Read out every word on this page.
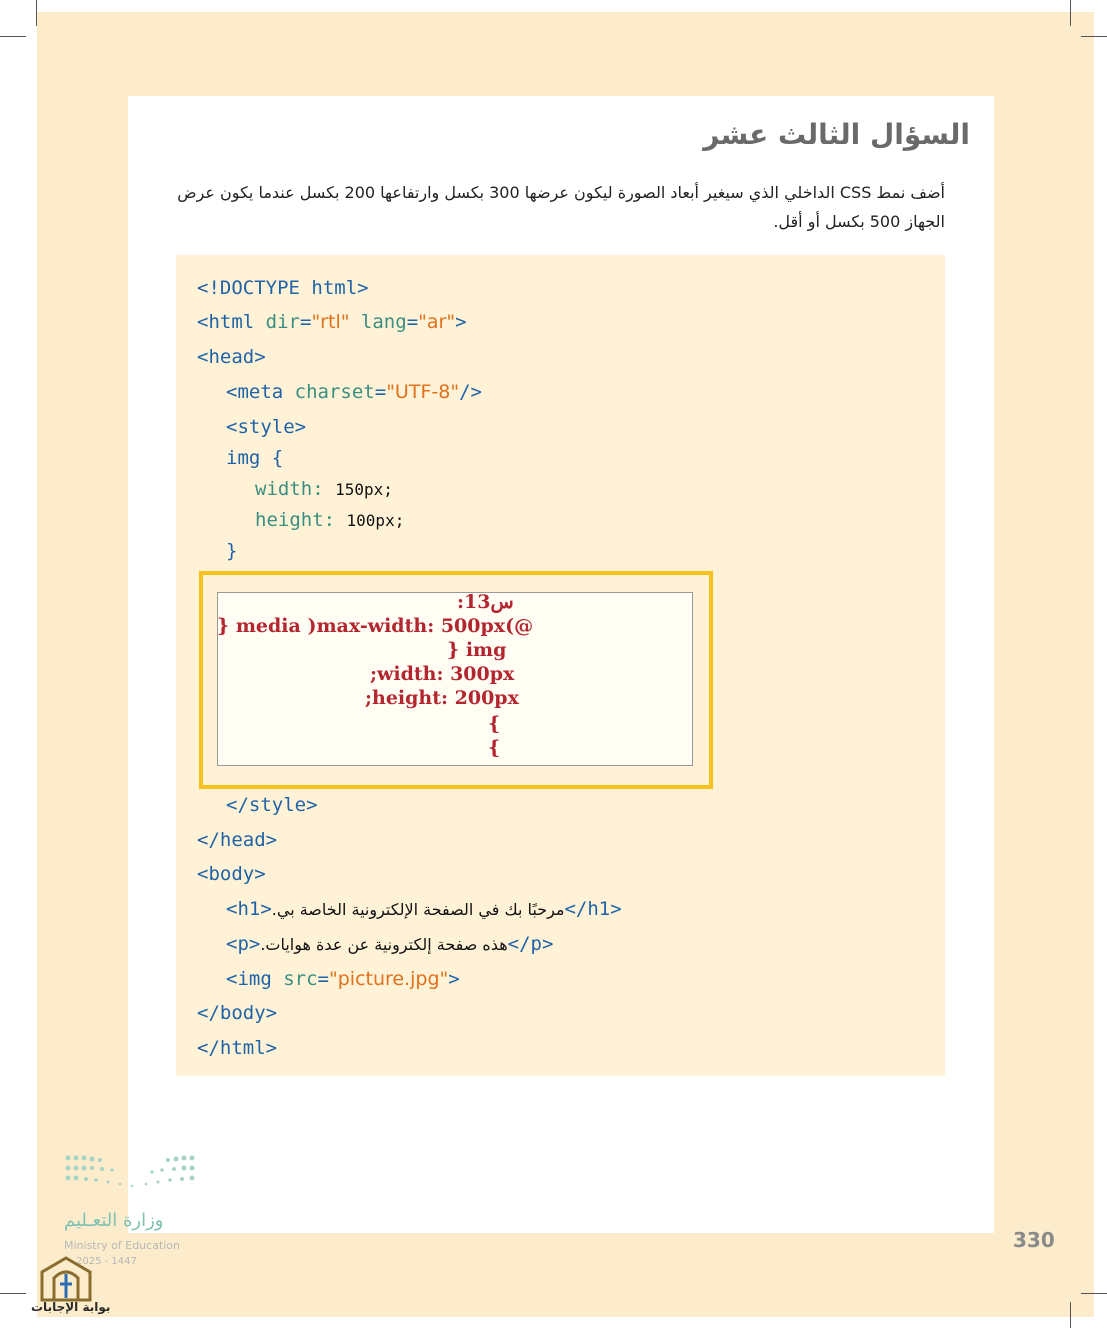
السؤال الثالث عشر
أضف نمط CSS الداخلي الذي سيغير أبعاد الصورة ليكون عرضها 300 بكسل وارتفاعها 200 بكسل عندما يكون عرض الجهاز 500 بكسل أو أقل.
<!DOCTYPE html>
<html dir="rtl" lang="ar">
<head>
<meta charset="UTF-8"/>
<style>
img {
width: 150px;
height: 100px;
}
س13:
} media )max-width: 500px(@
} img
;width: 300px
;height: 200px
{
{
</style>
</head>
<body>
<h1>مرحبًا بك في الصفحة الإلكترونية الخاصة بي.</h1>
<p>هذه صفحة إلكترونية عن عدة هوايات.</p>
<img src="picture.jpg">
</body>
</html>
وزارة التعـليم
Ministry of Education
2025 - 1447
بوابة الإجابات
330
